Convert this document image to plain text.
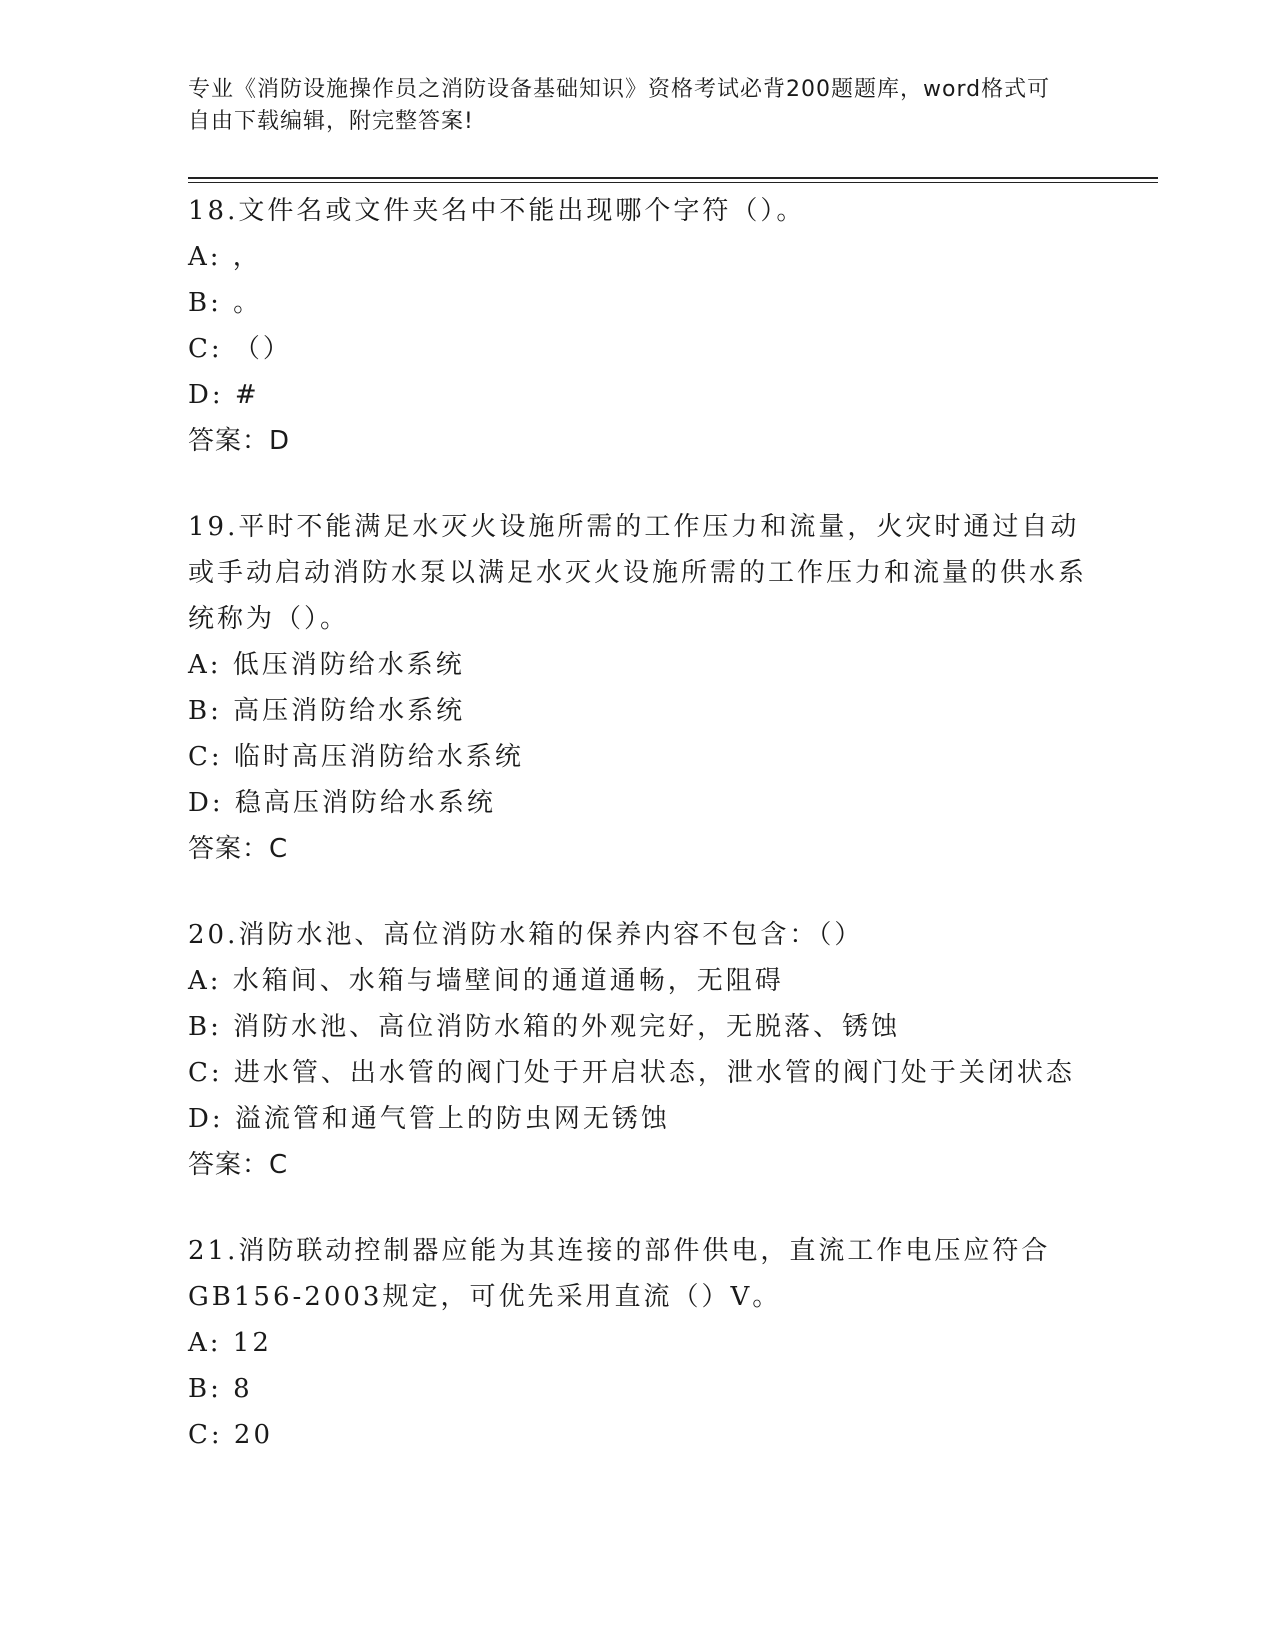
专业《消防设施操作员之消防设备基础知识》资格考试必背200题题库，word格式可自由下载编辑，附完整答案!

18.文件名或文件夹名中不能出现哪个字符（）。

A: ，

B: 。

C: （）

D: #

答案：D

19.平时不能满足水灭火设施所需的工作压力和流量，火灾时通过自动或手动启动消防水泵以满足水灭火设施所需的工作压力和流量的供水系统称为（）。

A: 低压消防给水系统

B: 高压消防给水系统

C: 临时高压消防给水系统

D: 稳高压消防给水系统

答案：C

20.消防水池、高位消防水箱的保养内容不包含：（）

A: 水箱间、水箱与墙壁间的通道通畅，无阻碍

B: 消防水池、高位消防水箱的外观完好，无脱落、锈蚀

C: 进水管、出水管的阀门处于开启状态，泄水管的阀门处于关闭状态

D: 溢流管和通气管上的防虫网无锈蚀

答案：C

21.消防联动控制器应能为其连接的部件供电，直流工作电压应符合GB156-2003规定，可优先采用直流（）V。

A: 12

B: 8

C: 20
